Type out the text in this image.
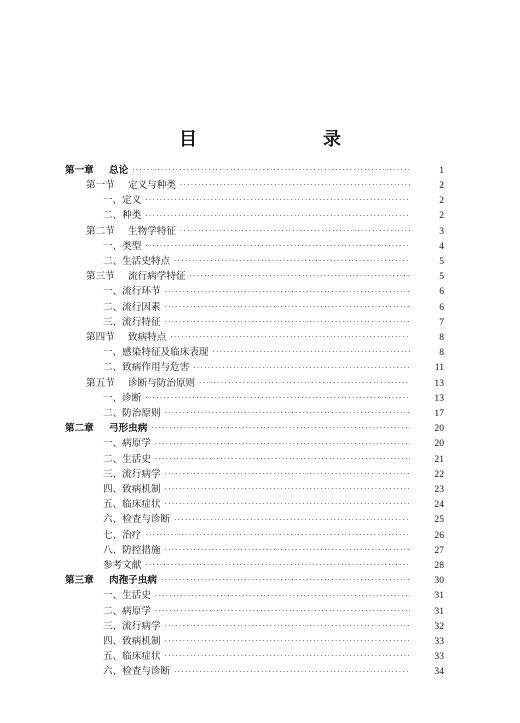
目　　录
第一章 总论 ·····	1
第一节 定义与种类 ·····	2
一、定义 ·····	2
二、种类 ·····	2
第二节 生物学特征 ·····	3
一、类型 ·····	4
二、生活史特点 ·····	5
第三节 流行病学特征 ·····	5
一、流行环节 ·····	6
二、流行因素 ·····	6
三、流行特征 ·····	7
第四节 致病特点 ·····	8
一、感染特征及临床表现 ·····	8
二、致病作用与危害 ·····	11
第五节 诊断与防治原则 ·····	13
一、诊断 ·····	13
二、防治原则 ·····	17
第二章 弓形虫病 ·····	20
一、病原学 ·····	20
二、生活史 ·····	21
三、流行病学 ·····	22
四、致病机制 ·····	23
五、临床症状 ·····	24
六、检查与诊断 ·····	25
七、治疗 ·····	26
八、防控措施 ·····	27
参考文献 ·····	28
第三章 肉孢子虫病 ·····	30
一、生活史 ·····	31
二、病原学 ·····	31
三、流行病学 ·····	32
四、致病机制 ·····	33
五、临床症状 ·····	33
六、检查与诊断 ·····	34
